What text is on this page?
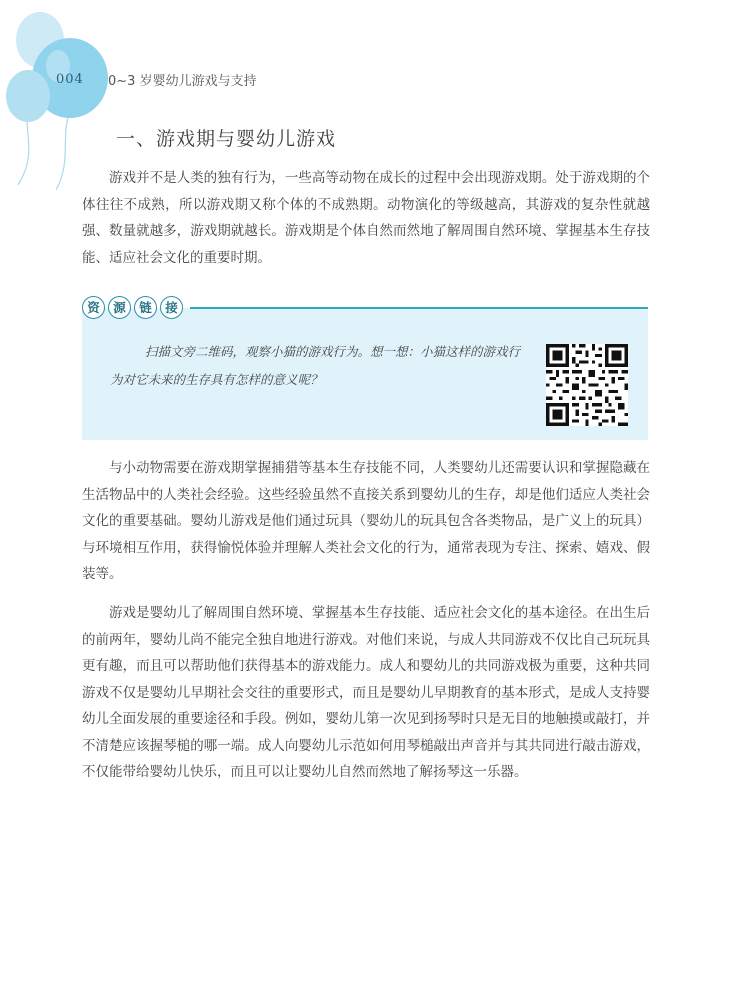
004 0~3 岁婴幼儿游戏与支持
一、游戏期与婴幼儿游戏

游戏并不是人类的独有行为，一些高等动物在成长的过程中会出现游戏期。处于游戏期的个体往往不成熟，所以游戏期又称个体的不成熟期。动物演化的等级越高，其游戏的复杂性就越强、数量就越多，游戏期就越长。游戏期是个体自然而然地了解周围自然环境、掌握基本生存技能、适应社会文化的重要时期。

资	源	链	接

扫描文旁二维码，观察小猫的游戏行为。想一想：小猫这样的游戏行为对它未来的生存具有怎样的意义呢？

与小动物需要在游戏期掌握捕猎等基本生存技能不同，人类婴幼儿还需要认识和掌握隐藏在生活物品中的人类社会经验。这些经验虽然不直接关系到婴幼儿的生存，却是他们适应人类社会文化的重要基础。婴幼儿游戏是他们通过玩具（婴幼儿的玩具包含各类物品，是广义上的玩具）与环境相互作用，获得愉悦体验并理解人类社会文化的行为，通常表现为专注、探索、嬉戏、假装等。

游戏是婴幼儿了解周围自然环境、掌握基本生存技能、适应社会文化的基本途径。在出生后的前两年，婴幼儿尚不能完全独自地进行游戏。对他们来说，与成人共同游戏不仅比自己玩玩具更有趣，而且可以帮助他们获得基本的游戏能力。成人和婴幼儿的共同游戏极为重要，这种共同游戏不仅是婴幼儿早期社会交往的重要形式，而且是婴幼儿早期教育的基本形式，是成人支持婴幼儿全面发展的重要途径和手段。例如，婴幼儿第一次见到扬琴时只是无目的地触摸或敲打，并不清楚应该握琴槌的哪一端。成人向婴幼儿示范如何用琴槌敲出声音并与其共同进行敲击游戏，不仅能带给婴幼儿快乐，而且可以让婴幼儿自然而然地了解扬琴这一乐器。
